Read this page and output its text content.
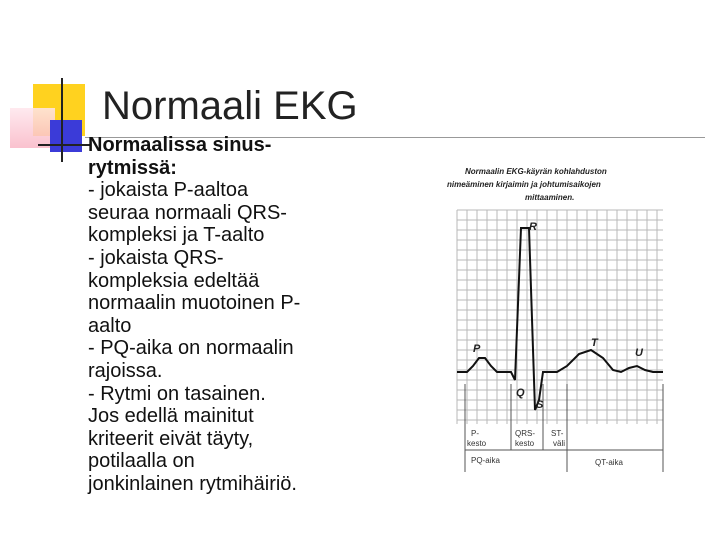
Normaali EKG
Normaalissa sinus-
rytmissä:
- jokaista P-aaltoa
seuraa normaali QRS-
kompleksi ja T-aalto
- jokaista QRS-
kompleksia edeltää
normaalin muotoinen P-
aalto
- PQ-aika on normaalin
rajoissa.
- Rytmi on tasainen.
Jos edellä mainitut
kriteerit eivät täyty,
potilaalla on
jonkinlainen rytmihäiriö.
Normaalin EKG-käyrän kohlahduston
nimeäminen kirjaimin ja johtumisaikojen
mittaaminen.
P
R
Q
S
T
U
P-
kesto
QRS-
kesto
ST-
väli
PQ-aika	QT-aika
